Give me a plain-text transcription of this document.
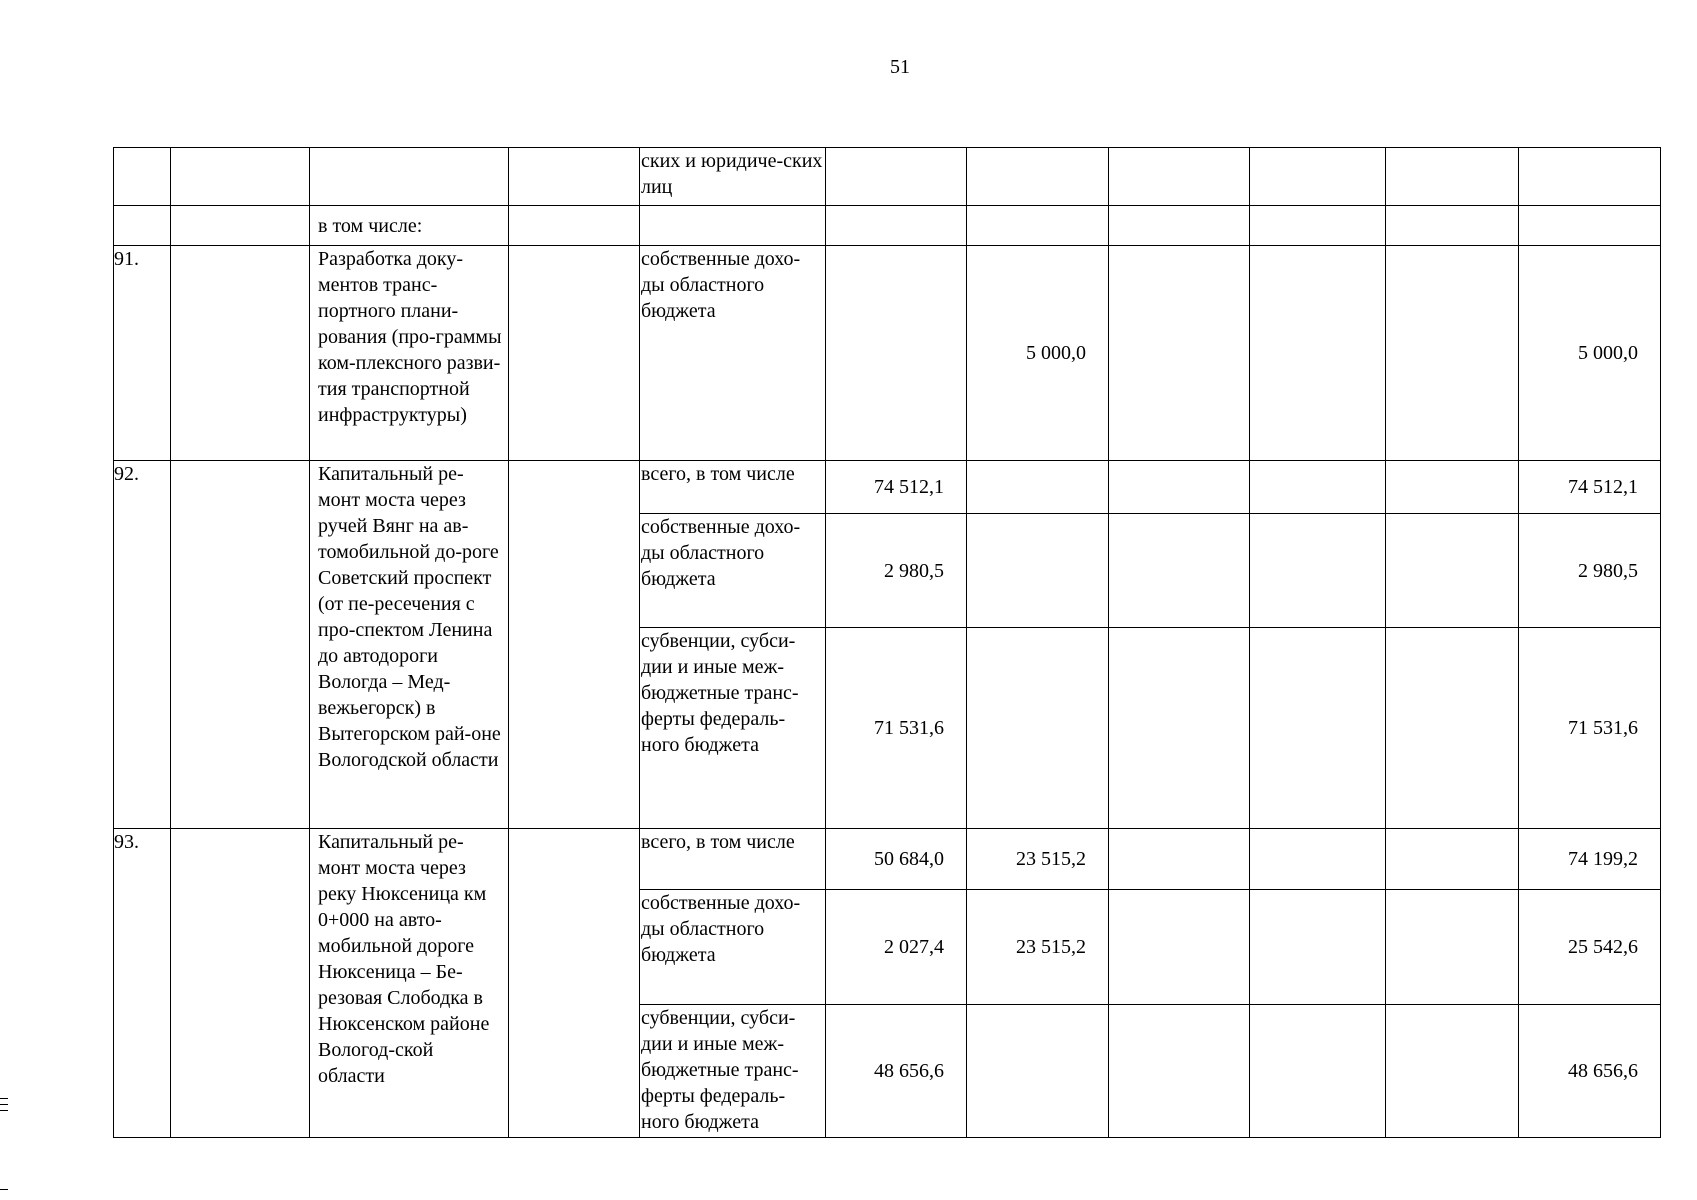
51
				ских и юридиче-ских лиц						
		в том числе:								
91.		Разработка доку-ментов транс-портного плани-рования (про-граммы ком-плексного разви-тия транспортной инфраструктуры)		собственные дохо-ды областного бюджета		5 000,0				5 000,0
92.		Капитальный ре-монт моста через ручей Вянг на ав-томобильной до-роге Советский проспект (от пе-ресечения с про-спектом Ленина до автодороги Вологда – Мед-вежьегорск) в Вытегорском рай-оне Вологодской области		всего, в том числе	74 512,1					74 512,1
				собственные дохо-ды областного бюджета	2 980,5					2 980,5
				субвенции, субси-дии и иные меж-бюджетные транс-ферты федераль-ного бюджета	71 531,6					71 531,6
93.		Капитальный ре-монт моста через реку Нюксеница км 0+000 на авто-мобильной дороге Нюксеница – Бе-резовая Слободка в Нюксенском районе Вологод-ской области		всего, в том числе	50 684,0	23 515,2				74 199,2
				собственные дохо-ды областного бюджета	2 027,4	23 515,2				25 542,6
				субвенции, субси-дии и иные меж-бюджетные транс-ферты федераль-ного бюджета	48 656,6					48 656,6
